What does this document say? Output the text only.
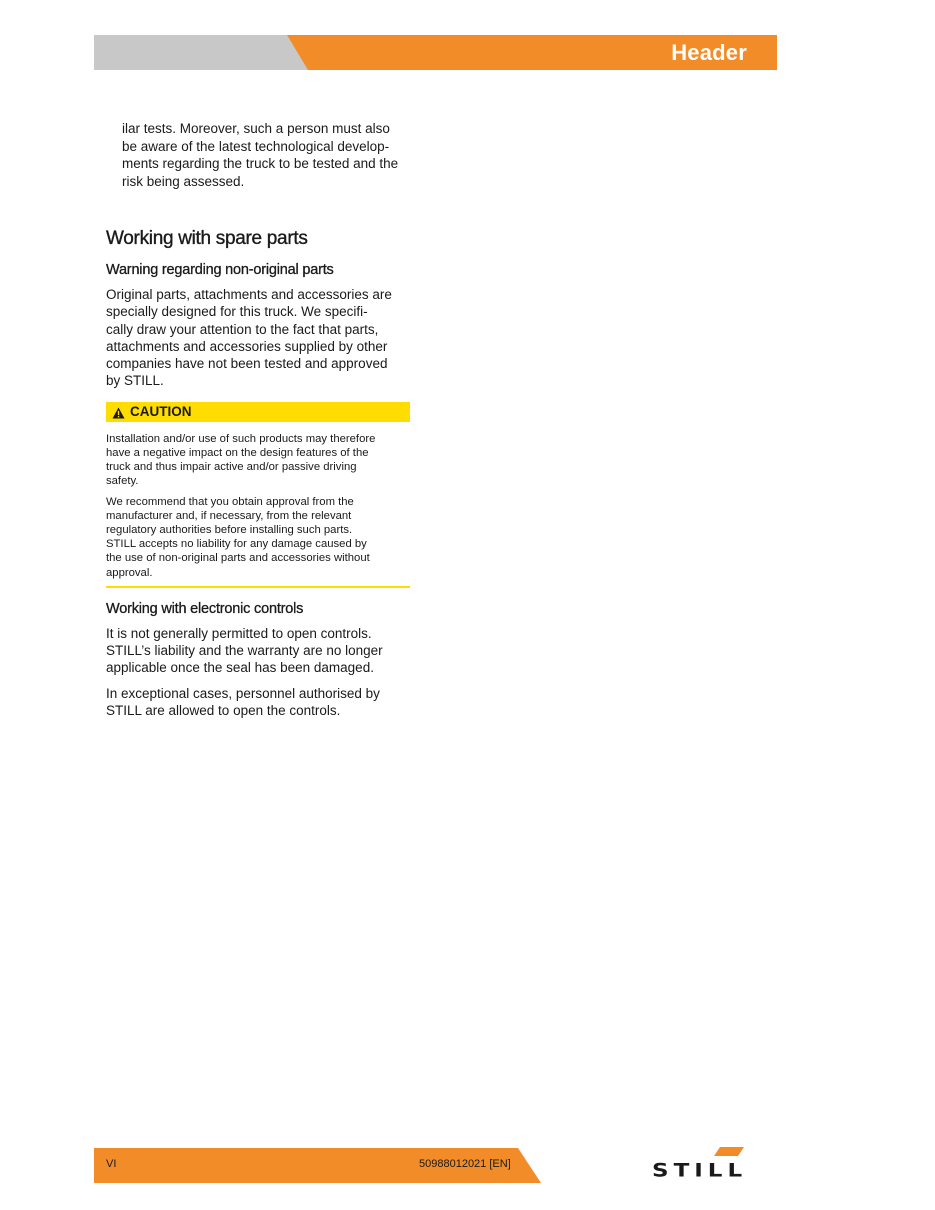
Header

ilar tests. Moreover, such a person must also
be aware of the latest technological develop-
ments regarding the truck to be tested and the
risk being assessed.

Working with spare parts
Warning regarding non-original parts

Original parts, attachments and accessories are
specially designed for this truck. We specifi-
cally draw your attention to the fact that parts,
attachments and accessories supplied by other
companies have not been tested and approved
by STILL.

CAUTION

Installation and/or use of such products may therefore
have a negative impact on the design features of the
truck and thus impair active and/or passive driving
safety.

We recommend that you obtain approval from the
manufacturer and, if necessary, from the relevant
regulatory authorities before installing such parts.
STILL accepts no liability for any damage caused by
the use of non-original parts and accessories without
approval.

Working with electronic controls

It is not generally permitted to open controls.
STILL’s liability and the warranty are no longer
applicable once the seal has been damaged.

In exceptional cases, personnel authorised by
STILL are allowed to open the controls.

VI	50988012021 [EN]	STILL
